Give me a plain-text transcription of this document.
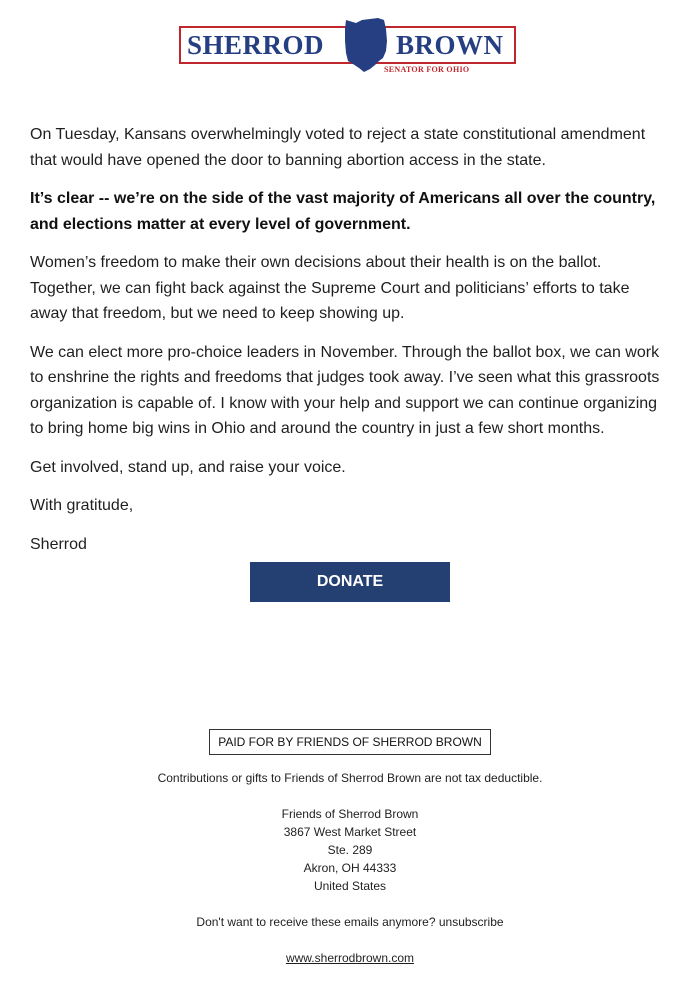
SHERROD	BROWN
SENATOR FOR OHIO

On Tuesday, Kansans overwhelmingly voted to reject a state constitutional amendment that would have opened the door to banning abortion access in the state.

It’s clear -- we’re on the side of the vast majority of Americans all over the country, and elections matter at every level of government.

Women’s freedom to make their own decisions about their health is on the ballot. Together, we can fight back against the Supreme Court and politicians’ efforts to take away that freedom, but we need to keep showing up.

We can elect more pro-choice leaders in November. Through the ballot box, we can work to enshrine the rights and freedoms that judges took away. I’ve seen what this grassroots organization is capable of. I know with your help and support we can continue organizing to bring home big wins in Ohio and around the country in just a few short months.

Get involved, stand up, and raise your voice.

With gratitude,

Sherrod

DONATE
PAID FOR BY FRIENDS OF SHERROD BROWN
Contributions or gifts to Friends of Sherrod Brown are not tax deductible.
Friends of Sherrod Brown
3867 West Market Street
Ste. 289
Akron, OH 44333
United States
Don't want to receive these emails anymore? unsubscribe
www.sherrodbrown.com
